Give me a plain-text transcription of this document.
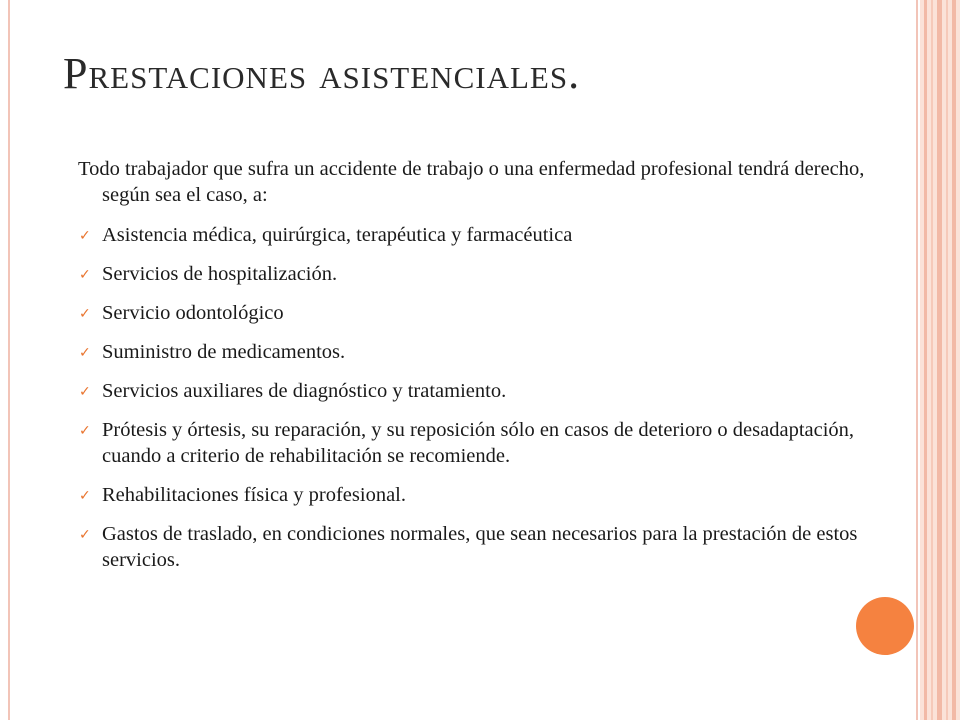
Prestaciones asistenciales.

Todo trabajador que sufra un accidente de trabajo o una enfermedad profesional tendrá derecho, según sea el caso, a:

✓ Asistencia médica, quirúrgica, terapéutica y farmacéutica
✓ Servicios de hospitalización.
✓ Servicio odontológico
✓ Suministro de medicamentos.
✓ Servicios auxiliares de diagnóstico y tratamiento.
✓ Prótesis y órtesis, su reparación, y su reposición sólo en casos de deterioro o desadaptación, cuando a criterio de rehabilitación se recomiende.
✓ Rehabilitaciones física y profesional.
✓ Gastos de traslado, en condiciones normales, que sean necesarios para la prestación de estos servicios.
